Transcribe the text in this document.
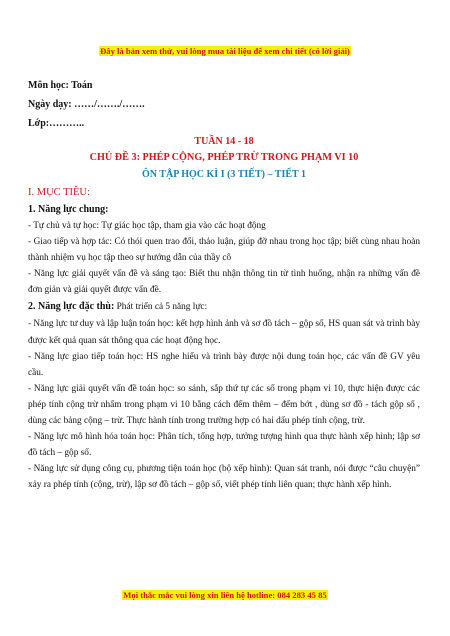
Đây là bản xem thử, vui lòng mua tài liệu để xem chi tiết (có lời giải)
Môn học: Toán
Ngày dạy: ……/……./…….
Lớp:………..
TUẦN 14 - 18
CHỦ ĐỀ 3: PHÉP CỘNG, PHÉP TRỪ TRONG PHẠM VI 10
ÔN TẬP HỌC KÌ I (3 TIẾT) – TIẾT 1
I. MỤC TIÊU:
1. Năng lực chung:

- Tự chủ và tự học: Tự giác học tập, tham gia vào các hoạt động

- Giao tiếp và hợp tác: Có thói quen trao đổi, thảo luận, giúp đỡ nhau trong học tập; biết cùng nhau hoàn thành nhiệm vụ học tập theo sự hướng dẫn của thầy cô

- Năng lực giải quyết vấn đề và sáng tạo: Biết thu nhận thông tin từ tình huống, nhận ra những vấn đề đơn giản và giải quyết được vấn đề.

2. Năng lực đặc thù: Phát triển cả 5 năng lực:

- Năng lực tư duy và lập luận toán học: kết hợp hình ảnh và sơ đồ tách – gộp số, HS quan sát và trình bày được kết quả quan sát thông qua các hoạt động học.

- Năng lực giao tiếp toán học: HS nghe hiểu và trình bày được nội dung toán học, các vấn đề GV yêu cầu.

- Năng lực giải quyết vấn đề toán học: so sánh, sắp thứ tự các số trong phạm vi 10, thực hiện được các phép tính cộng trừ nhẩm trong phạm vi 10 bằng cách đếm thêm – đếm bớt , dùng sơ đồ - tách gộp số , dùng các bảng cộng – trừ. Thực hành tính trong trường hợp có hai dấu phép tính cộng, trừ.

- Năng lực mô hình hóa toán học: Phân tích, tổng hợp, tưởng tượng hình qua thực hành xếp hình; lập sơ đồ tách – gộp số.

- Năng lực sử dụng công cụ, phương tiện toán học (bộ xếp hình): Quan sát tranh, nói được “câu chuyện” xảy ra phép tính (cộng, trừ), lập sơ đồ tách – gộp số, viết phép tính liên quan; thực hành xếp hình.

Mọi thắc mắc vui lòng xin liên hệ hotline: 084 283 45 85
